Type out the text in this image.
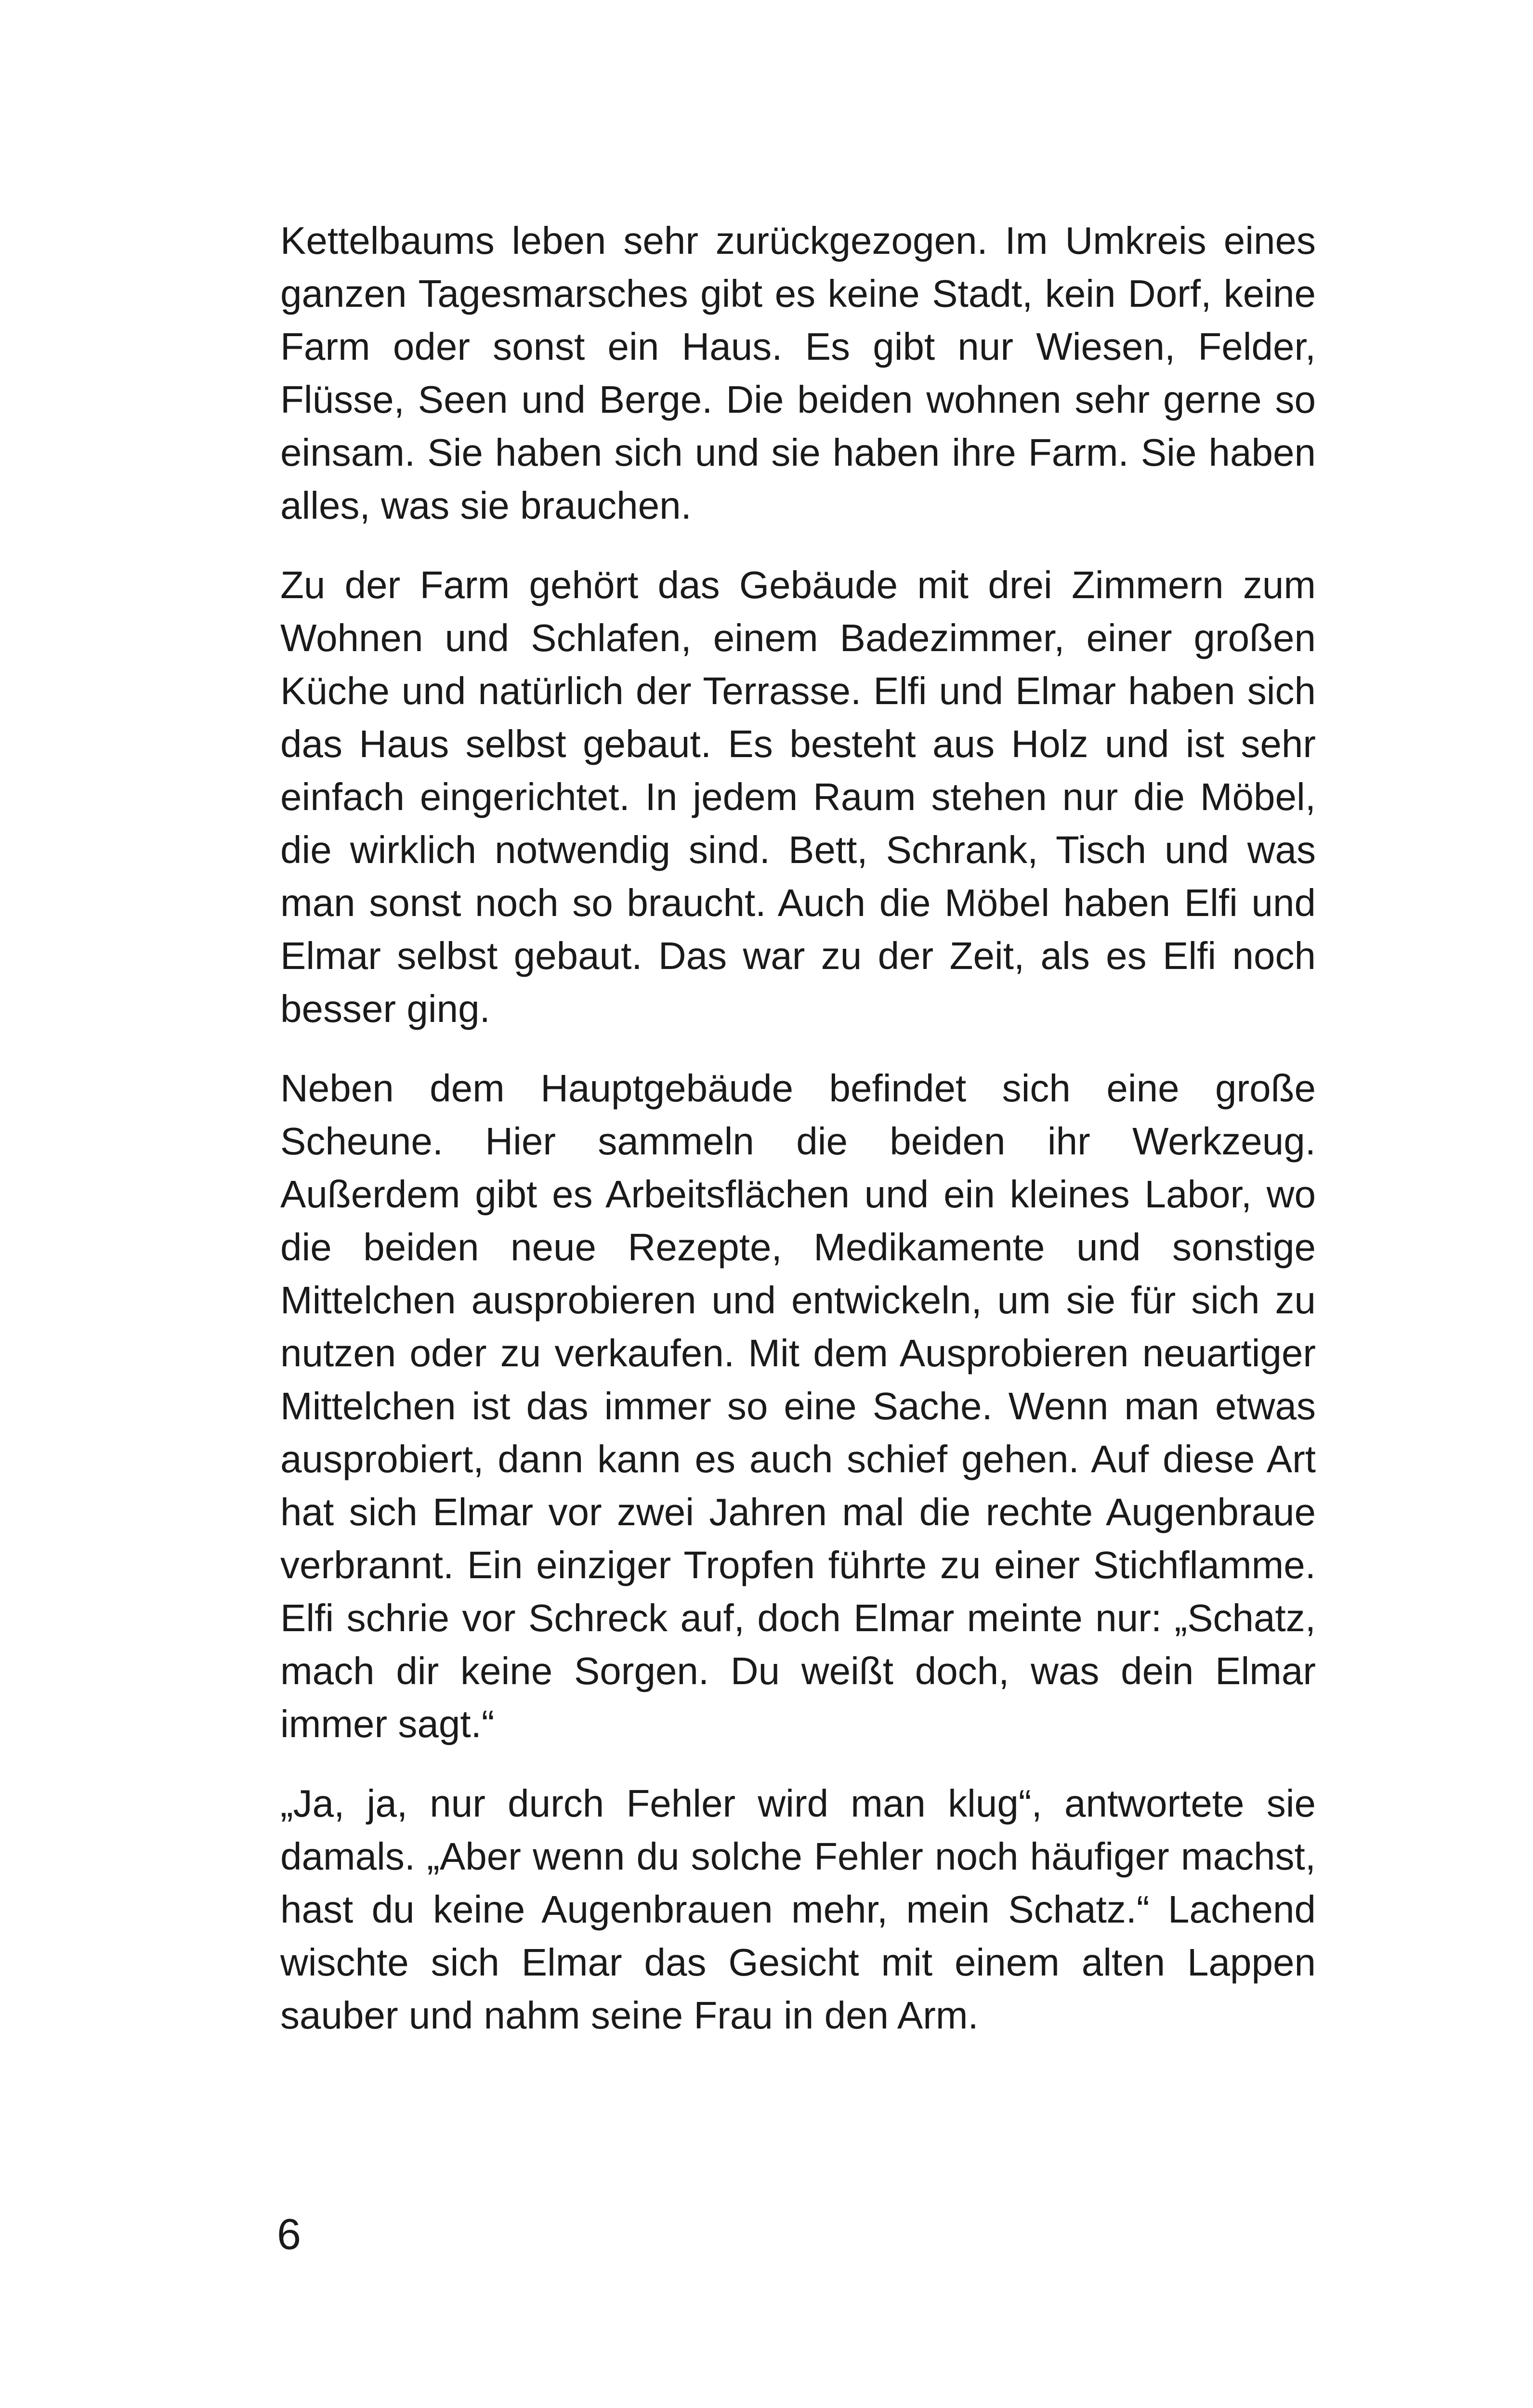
Kettelbaums leben sehr zurückgezogen. Im Umkreis eines ganzen Tagesmarsches gibt es keine Stadt, kein Dorf, keine Farm oder sonst ein Haus. Es gibt nur Wiesen, Felder, Flüsse, Seen und Berge. Die beiden wohnen sehr gerne so einsam. Sie haben sich und sie haben ihre Farm. Sie haben alles, was sie brauchen.

Zu der Farm gehört das Gebäude mit drei Zimmern zum Wohnen und Schlafen, einem Badezimmer, einer großen Küche und natürlich der Terrasse. Elfi und Elmar haben sich das Haus selbst gebaut. Es besteht aus Holz und ist sehr einfach eingerichtet. In jedem Raum stehen nur die Möbel, die wirklich notwendig sind. Bett, Schrank, Tisch und was man sonst noch so braucht. Auch die Möbel haben Elfi und Elmar selbst gebaut. Das war zu der Zeit, als es Elfi noch besser ging.

Neben dem Hauptgebäude befindet sich eine große Scheune. Hier sammeln die beiden ihr Werkzeug. Außerdem gibt es Arbeitsflächen und ein kleines Labor, wo die beiden neue Rezepte, Medikamente und sonstige Mittelchen ausprobieren und entwickeln, um sie für sich zu nutzen oder zu verkaufen. Mit dem Ausprobieren neuartiger Mittelchen ist das immer so eine Sache. Wenn man etwas ausprobiert, dann kann es auch schief gehen. Auf diese Art hat sich Elmar vor zwei Jahren mal die rechte Augenbraue verbrannt. Ein einziger Tropfen führte zu einer Stichflamme. Elfi schrie vor Schreck auf, doch Elmar meinte nur: „Schatz, mach dir keine Sorgen. Du weißt doch, was dein Elmar immer sagt.“

„Ja, ja, nur durch Fehler wird man klug“, antwortete sie damals. „Aber wenn du solche Fehler noch häufiger machst, hast du keine Augenbrauen mehr, mein Schatz.“ Lachend wischte sich Elmar das Gesicht mit einem alten Lappen sauber und nahm seine Frau in den Arm.

6
